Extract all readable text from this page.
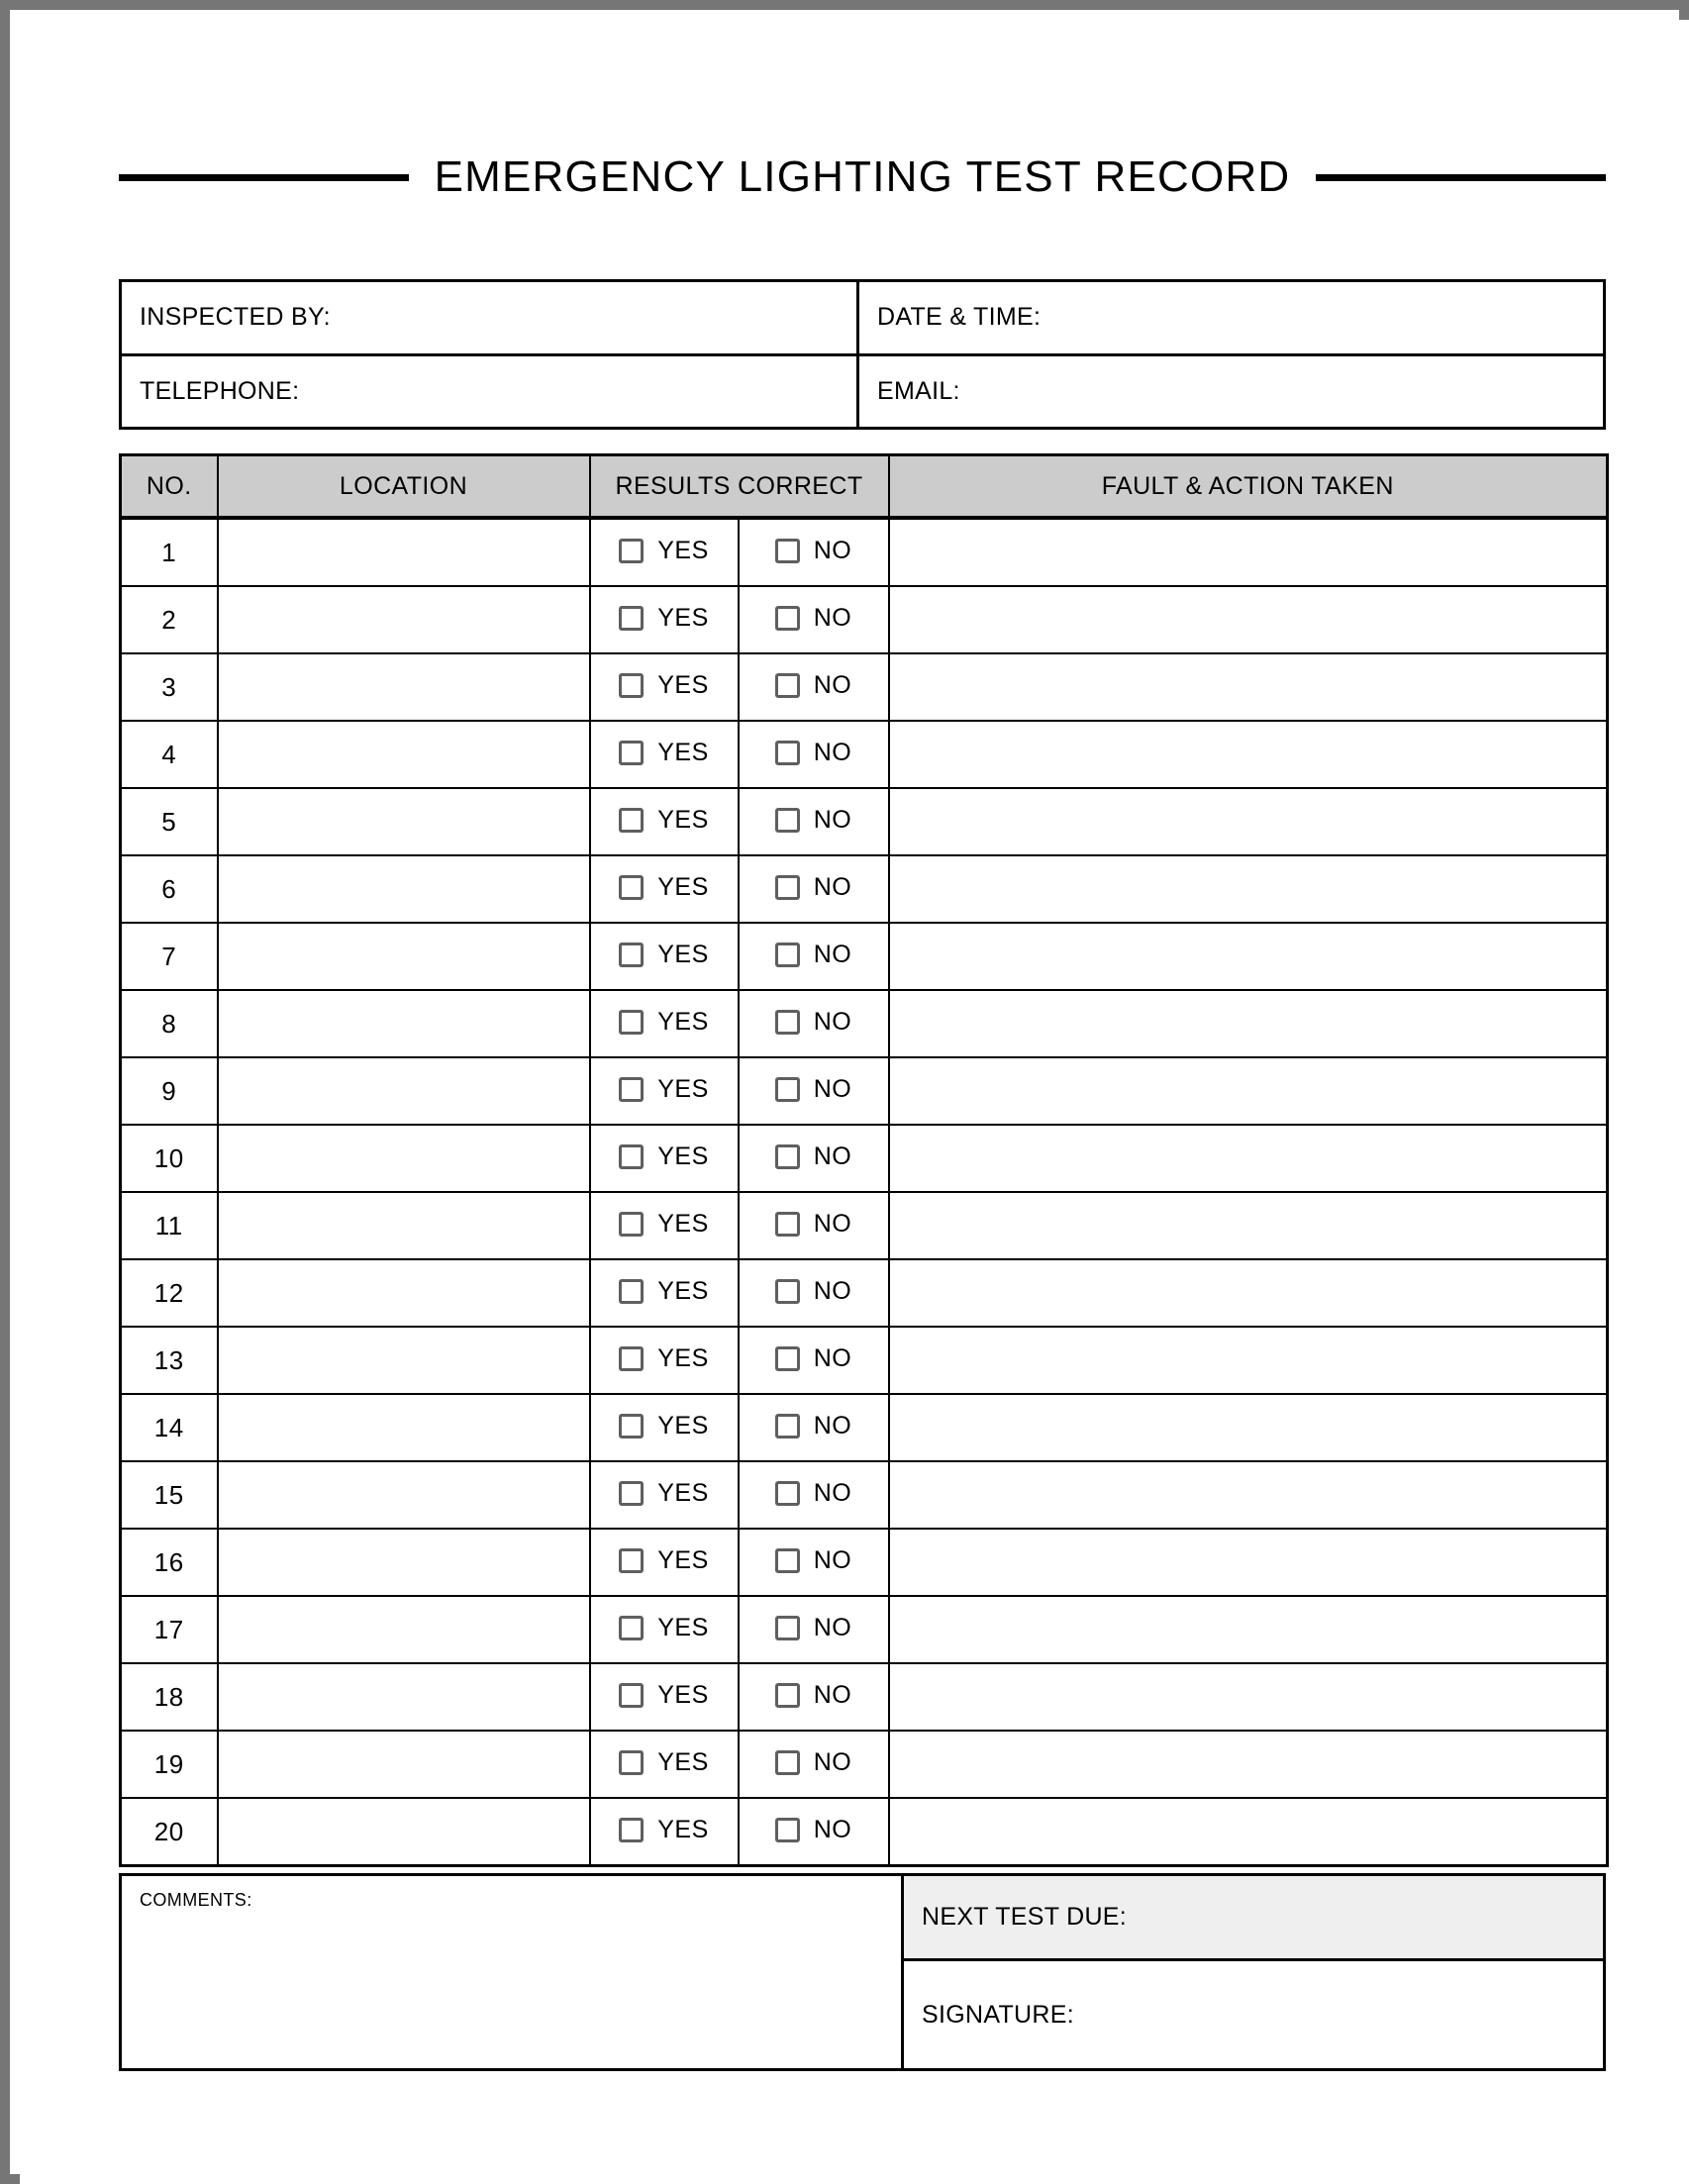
EMERGENCY LIGHTING TEST RECORD
INSPECTED BY:	DATE & TIME:
TELEPHONE:	EMAIL:
NO.	LOCATION	RESULTS CORRECT		FAULT & ACTION TAKEN
1		YES	NO	

2		YES	NO	

3		YES	NO	

4		YES	NO	

5		YES	NO	

6		YES	NO	

7		YES	NO	

8		YES	NO	

9		YES	NO	

10		YES	NO	

11		YES	NO	

12		YES	NO	

13		YES	NO	

14		YES	NO	

15		YES	NO	

16		YES	NO	

17		YES	NO	

18		YES	NO	

19		YES	NO	

20		YES	NO	

COMMENTS:
NEXT TEST DUE:
SIGNATURE:
